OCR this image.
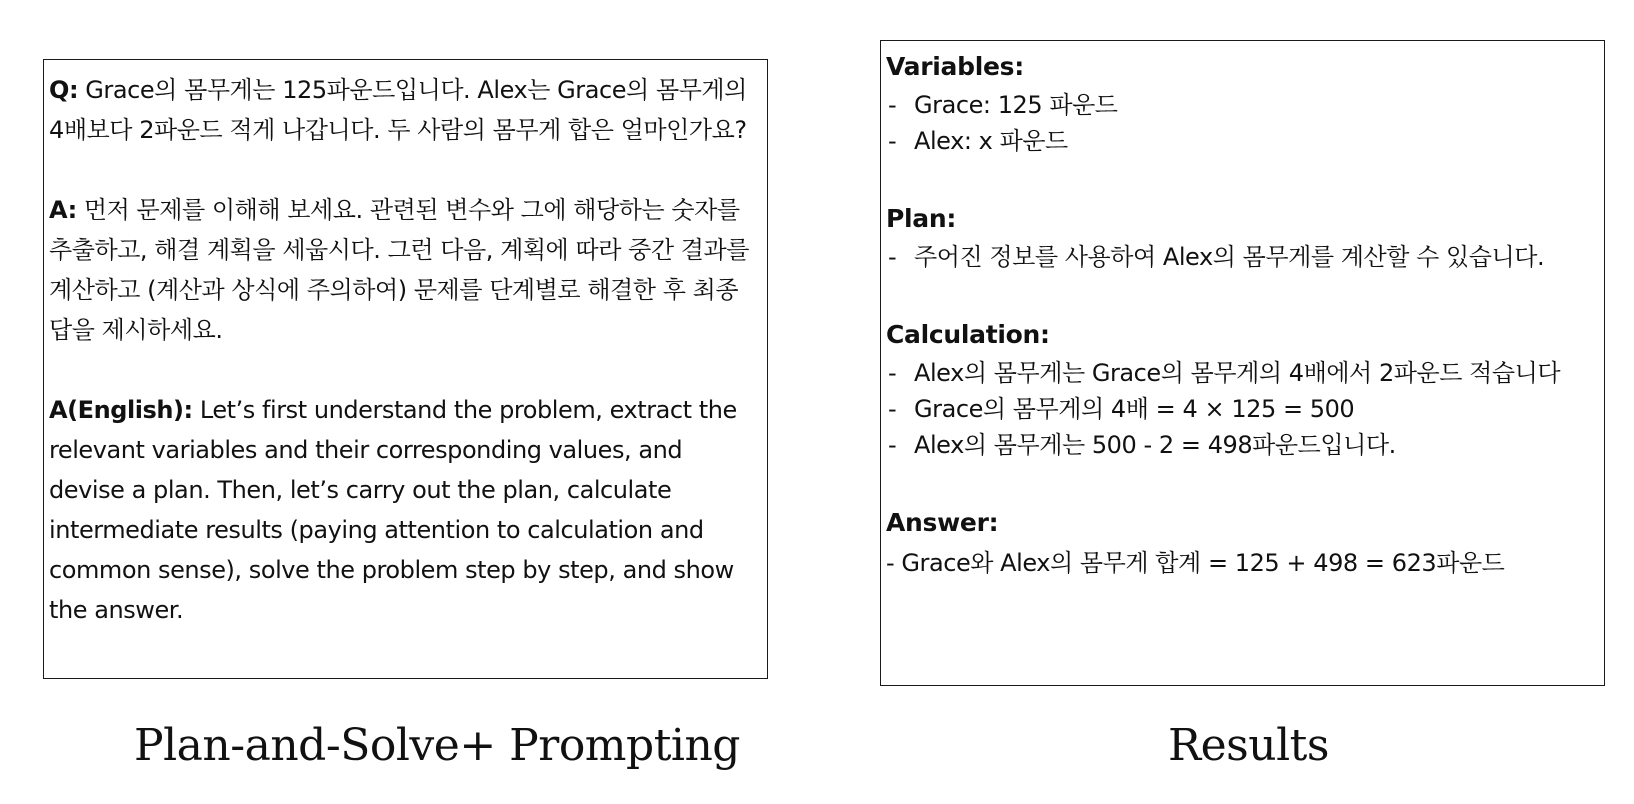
Q: Grace의 몸무게는 125파운드입니다. Alex는 Grace의 몸무게의 4배보다 2파운드 적게 나갑니다. 두 사람의 몸무게 합은 얼마인가요?

A: 먼저 문제를 이해해 보세요. 관련된 변수와 그에 해당하는 숫자를 추출하고, 해결 계획을 세웁시다. 그런 다음, 계획에 따라 중간 결과를 계산하고 (계산과 상식에 주의하여) 문제를 단계별로 해결한 후 최종 답을 제시하세요.

A(English): Let’s first understand the problem, extract the relevant variables and their corresponding values, and devise a plan. Then, let’s carry out the plan, calculate intermediate results (paying attention to calculation and common sense), solve the problem step by step, and show the answer.

Variables:
- Grace: 125 파운드
- Alex: x 파운드
Plan:
- 주어진 정보를 사용하여 Alex의 몸무게를 계산할 수 있습니다.
Calculation:
- Alex의 몸무게는 Grace의 몸무게의 4배에서 2파운드 적습니다
- Grace의 몸무게의 4배 = 4 × 125 = 500
- Alex의 몸무게는 500 - 2 = 498파운드입니다.
Answer:
- Grace와 Alex의 몸무게 합계 = 125 + 498 = 623파운드
Plan-and-Solve+ Prompting	Results
